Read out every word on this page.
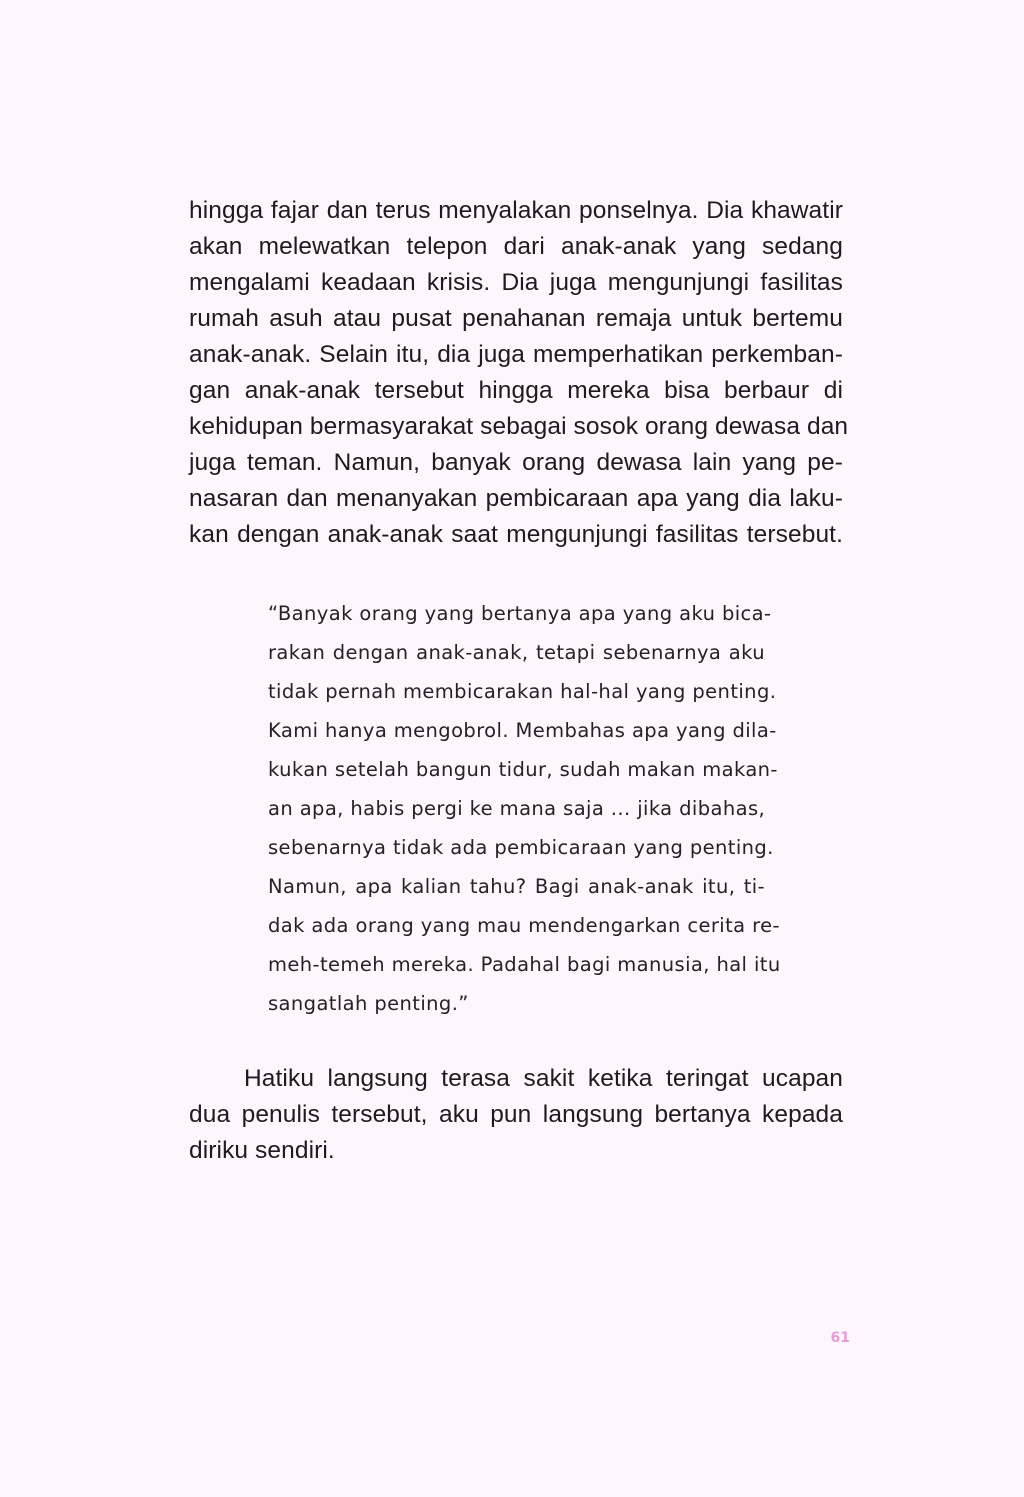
hingga fajar dan terus menyalakan ponselnya. Dia khawatir

akan melewatkan telepon dari anak-anak yang sedang

mengalami keadaan krisis. Dia juga mengunjungi fasilitas

rumah asuh atau pusat penahanan remaja untuk bertemu

anak-anak. Selain itu, dia juga memperhatikan perkemban-

gan anak-anak tersebut hingga mereka bisa berbaur di

kehidupan bermasyarakat sebagai sosok orang dewasa dan

juga teman. Namun, banyak orang dewasa lain yang pe-

nasaran dan menanyakan pembicaraan apa yang dia laku-

kan dengan anak-anak saat mengunjungi fasilitas tersebut.

“Banyak orang yang bertanya apa yang aku bica-

rakan dengan anak-anak, tetapi sebenarnya aku

tidak pernah membicarakan hal-hal yang penting.

Kami hanya mengobrol. Membahas apa yang dila-

kukan setelah bangun tidur, sudah makan makan-

an apa, habis pergi ke mana saja ... jika dibahas,

sebenarnya tidak ada pembicaraan yang penting.

Namun, apa kalian tahu? Bagi anak-anak itu, ti-

dak ada orang yang mau mendengarkan cerita re-

meh-temeh mereka. Padahal bagi manusia, hal itu

sangatlah penting.”

Hatiku langsung terasa sakit ketika teringat ucapan

dua penulis tersebut, aku pun langsung bertanya kepada

diriku sendiri.

61
